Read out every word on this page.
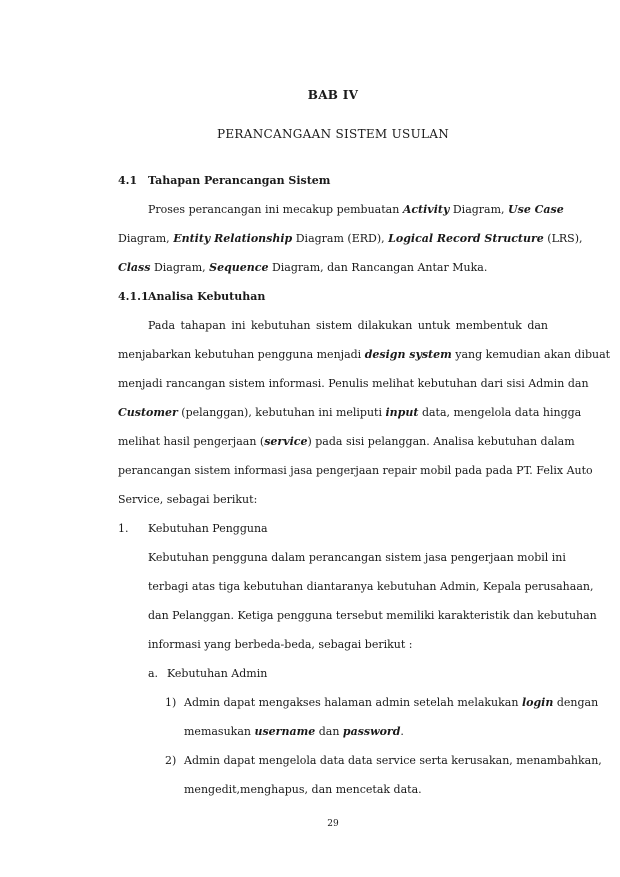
BAB IV
PERANCANGAAN SISTEM USULAN
4.1 Tahapan Perancangan Sistem
Proses perancangan ini mecakup pembuatan Activity Diagram, Use Case
Diagram, Entity Relationship Diagram (ERD), Logical Record Structure (LRS),
Class Diagram, Sequence Diagram, dan Rancangan Antar Muka.
4.1.1Analisa Kebutuhan
Pada tahapan ini kebutuhan sistem dilakukan untuk membentuk dan
menjabarkan kebutuhan pengguna menjadi design system yang kemudian akan dibuat
menjadi rancangan sistem informasi. Penulis melihat kebutuhan dari sisi Admin dan
Customer (pelanggan), kebutuhan ini meliputi input data, mengelola data hingga
melihat hasil pengerjaan (service) pada sisi pelanggan. Analisa kebutuhan dalam
perancangan sistem informasi jasa pengerjaan repair mobil pada pada PT. Felix Auto
Service, sebagai berikut:
1. Kebutuhan Pengguna
Kebutuhan pengguna dalam perancangan sistem jasa pengerjaan mobil ini
terbagi atas tiga kebutuhan diantaranya kebutuhan Admin, Kepala perusahaan,
dan Pelanggan. Ketiga pengguna tersebut memiliki karakteristik dan kebutuhan
informasi yang berbeda-beda, sebagai berikut :
a. Kebutuhan Admin
1) Admin dapat mengakses halaman admin setelah melakukan login dengan
memasukan username dan password.
2) Admin dapat mengelola data data service serta kerusakan, menambahkan,
mengedit,menghapus, dan mencetak data.
29
